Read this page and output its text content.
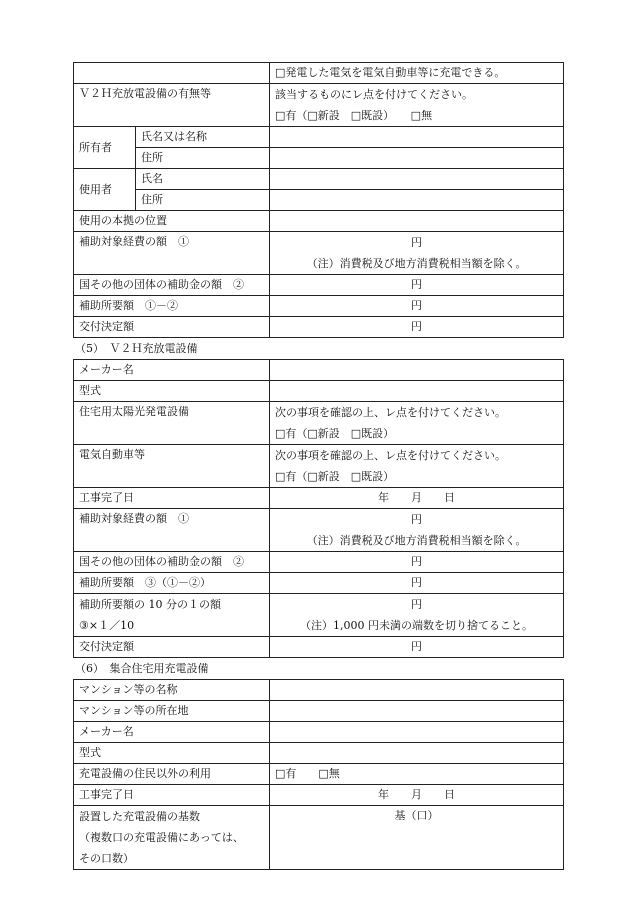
		□発電した電気を電気自動車等に充電できる。
Ｖ２Ｈ充放電設備の有無等		該当するものにレ点を付けてください。
□有（□新設　□既設）　　□無

所有者	氏名又は名称	
	住所	
使用者	氏名	
	住所	
使用の本拠の位置		
補助対象経費の額　①		円
（注）消費税及び地方消費税相当額を除く。

国その他の団体の補助金の額　②		円
補助所要額　①－②		円
交付決定額		円
（5）　Ｖ２Ｈ充放電設備
メーカー名	
型式	
住宅用太陽光発電設備	次の事項を確認の上、レ点を付けてください。
□有（□新設　□既設）

電気自動車等	次の事項を確認の上、レ点を付けてください。
□有（□新設　□既設）

工事完了日	年　　月　　日
補助対象経費の額　①	円
（注）消費税及び地方消費税相当額を除く。

国その他の団体の補助金の額　②	円
補助所要額　③（①－②）	円

補助所要額の 10 分の１の額
③×１／10	円
（注）1,000 円未満の端数を切り捨てること。

交付決定額	円
（6）　集合住宅用充電設備
マンション等の名称	
マンション等の所在地	
メーカー名	
型式	
充電設備の住民以外の利用	□有　　□無
工事完了日	年　　月　　日

設置した充電設備の基数
（複数口の充電設備にあっては、
その口数）	基（口）
